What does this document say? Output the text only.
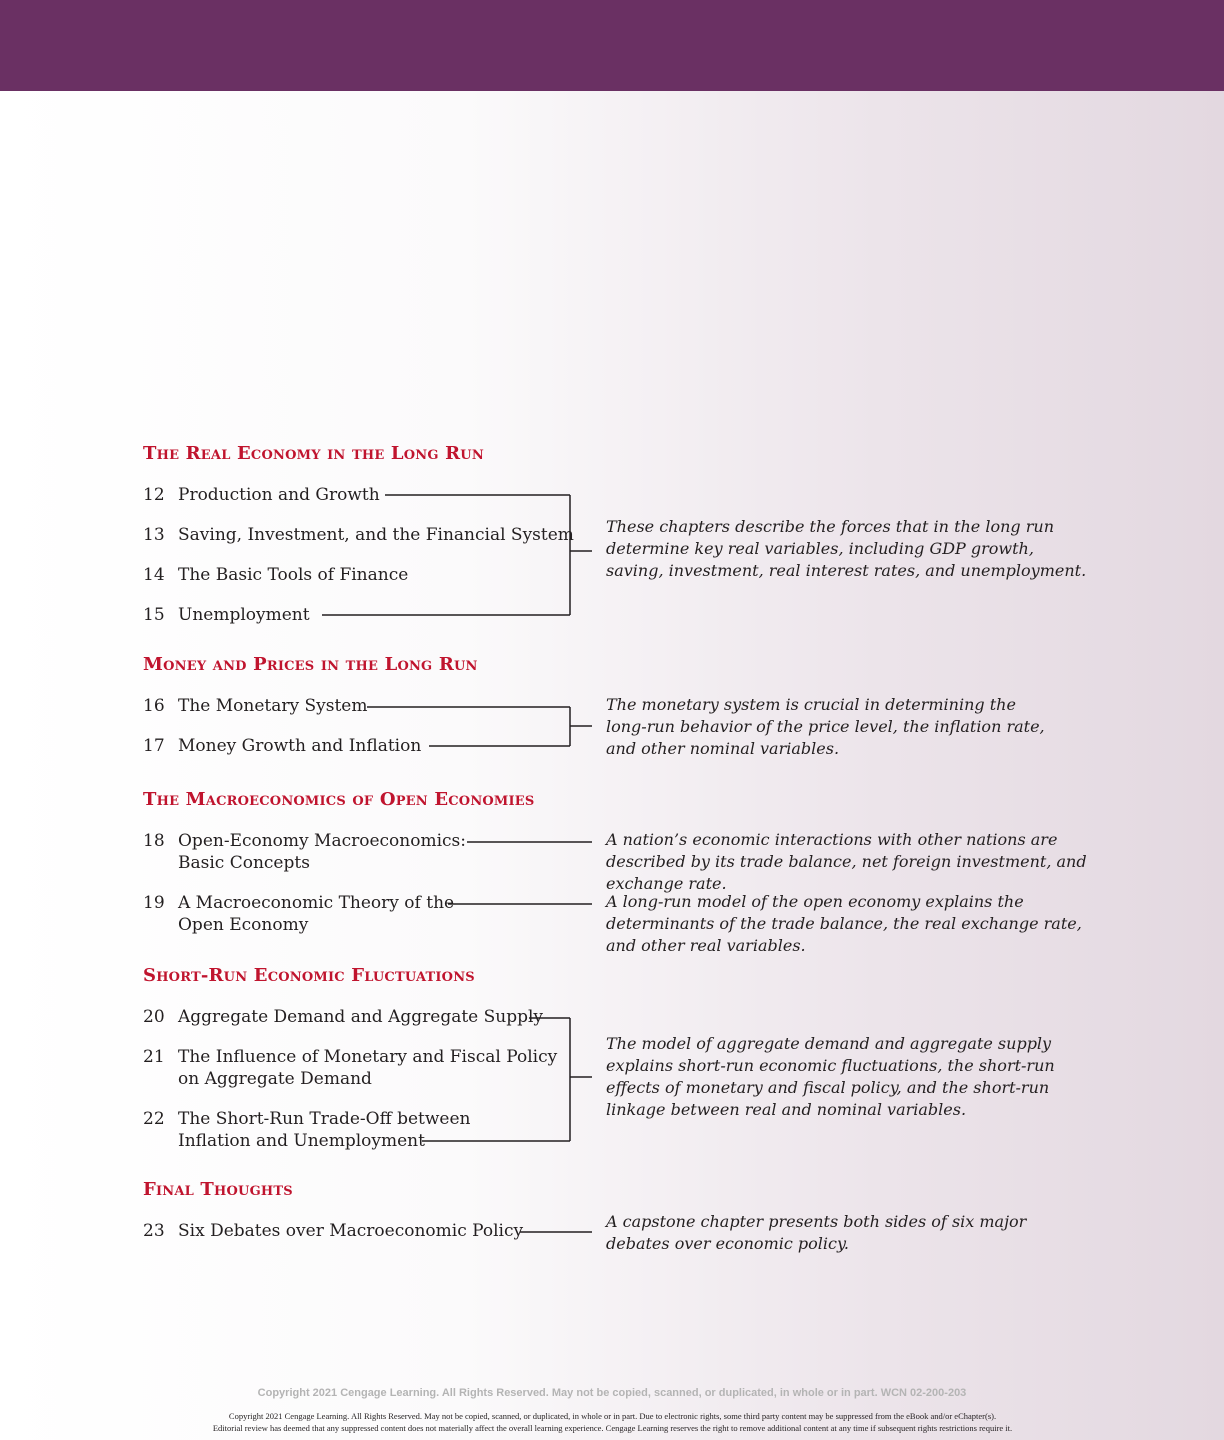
The Real Economy in the Long Run
12 Production and Growth
13 Saving, Investment, and the Financial System
14 The Basic Tools of Finance
15 Unemployment

These chapters describe the forces that in the long run determine key real variables, including GDP growth, saving, investment, real interest rates, and unemployment.

Money and Prices in the Long Run
16 The Monetary System
17 Money Growth and Inflation

The monetary system is crucial in determining the long-run behavior of the price level, the inflation rate, and other nominal variables.

The Macroeconomics of Open Economies
18 Open-Economy Macroeconomics:
Basic Concepts
19 A Macroeconomic Theory of the
Open Economy

A nation’s economic interactions with other nations are described by its trade balance, net foreign investment, and exchange rate.

A long-run model of the open economy explains the determinants of the trade balance, the real exchange rate, and other real variables.

Short-Run Economic Fluctuations
20 Aggregate Demand and Aggregate Supply
21 The Influence of Monetary and Fiscal Policy
on Aggregate Demand
22 The Short-Run Trade-Off between
Inflation and Unemployment

The model of aggregate demand and aggregate supply explains short-run economic fluctuations, the short-run effects of monetary and fiscal policy, and the short-run linkage between real and nominal variables.

Final Thoughts
23 Six Debates over Macroeconomic Policy	A capstone chapter presents both sides of six major debates over economic policy.

Copyright 2021 Cengage Learning. All Rights Reserved. May not be copied, scanned, or duplicated, in whole or in part. WCN 02-200-203
Copyright 2021 Cengage Learning. All Rights Reserved. May not be copied, scanned, or duplicated, in whole or in part. Due to electronic rights, some third party content may be suppressed from the eBook and/or eChapter(s).
Editorial review has deemed that any suppressed content does not materially affect the overall learning experience. Cengage Learning reserves the right to remove additional content at any time if subsequent rights restrictions require it.
